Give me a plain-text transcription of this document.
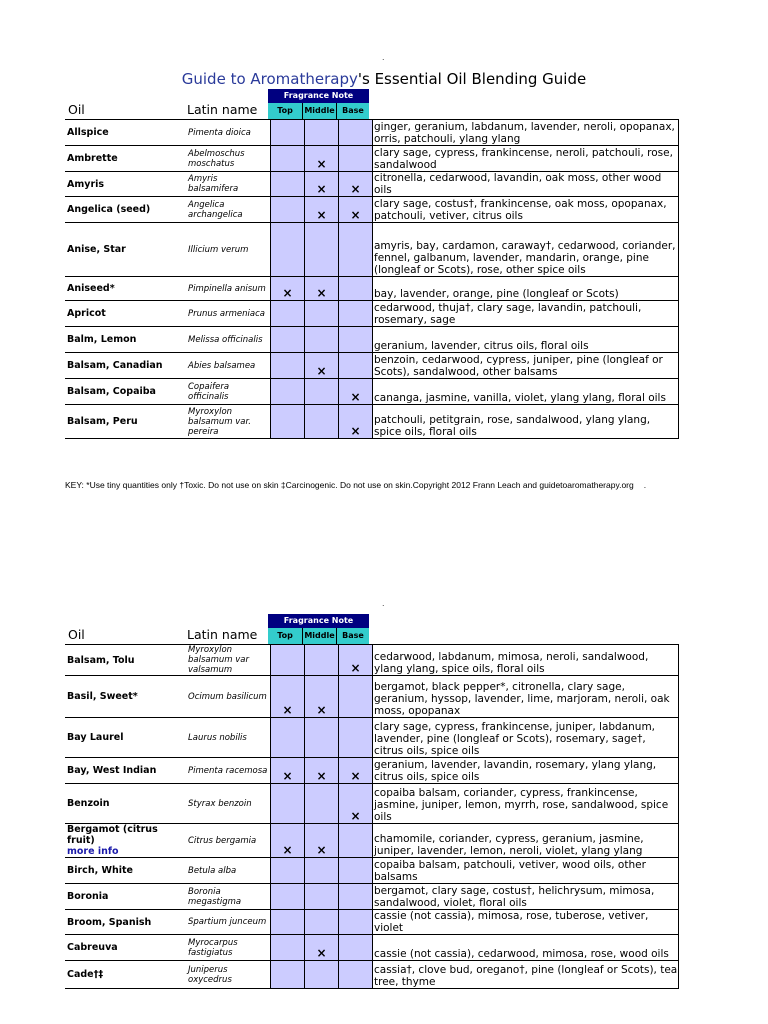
.
Guide to Aromatherapy's Essential Oil Blending Guide
Oil	Latin name
Fragrance Note
Top	Middle Base
Allspice	Pimenta dioica				ginger, geranium, labdanum, lavender, neroli, opopanax, orris, patchouli, ylang ylang
Ambrette	Abelmoschus moschatus		×		clary sage, cypress, frankincense, neroli, patchouli, rose, sandalwood
Amyris	Amyris balsamifera		×	×	citronella, cedarwood, lavandin, oak moss, other wood oils
Angelica (seed)	Angelica archangelica		×	×	clary sage, costus†, frankincense, oak moss, opopanax, patchouli, vetiver, citrus oils
Anise, Star	Illicium verum				amyris, bay, cardamon, caraway†, cedarwood, coriander, fennel, galbanum, lavender, mandarin, orange, pine (longleaf or Scots), rose, other spice oils
Aniseed*	Pimpinella anisum	×	×		bay, lavender, orange, pine (longleaf or Scots)
Apricot	Prunus armeniaca				cedarwood, thuja†, clary sage, lavandin, patchouli, rosemary, sage
Balm, Lemon	Melissa officinalis				geranium, lavender, citrus oils, floral oils
Balsam, Canadian	Abies balsamea		×		benzoin, cedarwood, cypress, juniper, pine (longleaf or Scots), sandalwood, other balsams
Balsam, Copaiba	Copaifera officinalis			×	cananga, jasmine, vanilla, violet, ylang ylang, floral oils
Balsam, Peru	Myroxylon balsamum var. pereira			×	patchouli, petitgrain, rose, sandalwood, ylang ylang, spice oils, floral oils
KEY: *Use tiny quantities only †Toxic. Do not use on skin ‡Carcinogenic. Do not use on skin.Copyright 2012 Frann Leach and guidetoaromatherapy.org .
.
Oil	Latin name
Fragrance Note
Top	Middle Base
Balsam, Tolu	Myroxylon balsamum var valsamum			×	cedarwood, labdanum, mimosa, neroli, sandalwood, ylang ylang, spice oils, floral oils
Basil, Sweet*	Ocimum basilicum	×	×		bergamot, black pepper*, citronella, clary sage, geranium, hyssop, lavender, lime, marjoram, neroli, oak moss, opopanax
Bay Laurel	Laurus nobilis				clary sage, cypress, frankincense, juniper, labdanum, lavender, pine (longleaf or Scots), rosemary, sage†, citrus oils, spice oils
Bay, West Indian	Pimenta racemosa	×	×	×	geranium, lavender, lavandin, rosemary, ylang ylang, citrus oils, spice oils
Benzoin	Styrax benzoin			×	copaiba balsam, coriander, cypress, frankincense, jasmine, juniper, lemon, myrrh, rose, sandalwood, spice oils
Bergamot (citrus fruit)
more info	Citrus bergamia	×	×		chamomile, coriander, cypress, geranium, jasmine, juniper, lavender, lemon, neroli, violet, ylang ylang
Birch, White	Betula alba				copaiba balsam, patchouli, vetiver, wood oils, other balsams
Boronia	Boronia megastigma				bergamot, clary sage, costus†, helichrysum, mimosa, sandalwood, violet, floral oils
Broom, Spanish	Spartium junceum				cassie (not cassia), mimosa, rose, tuberose, vetiver, violet
Cabreuva	Myrocarpus fastigiatus		×		cassie (not cassia), cedarwood, mimosa, rose, wood oils
Cade†‡	Juniperus oxycedrus				cassia†, clove bud, oregano†, pine (longleaf or Scots), tea tree, thyme
